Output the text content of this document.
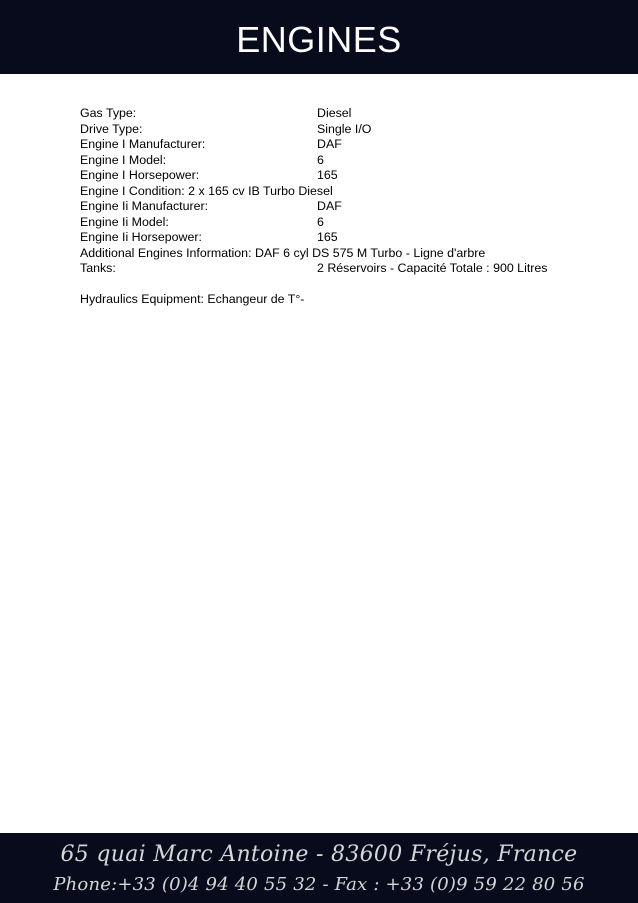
ENGINES
Gas Type:	Diesel
Drive Type:	Single I/O
Engine I Manufacturer:	DAF
Engine I Model:	6
Engine I Horsepower:	165
Engine I Condition: 2 x 165 cv IB Turbo Diesel
Engine Ii Manufacturer:	DAF
Engine Ii Model:	6
Engine Ii Horsepower:	165
Additional Engines Information: DAF 6 cyl DS 575 M Turbo - Ligne d'arbre
Tanks:	2 Réservoirs - Capacité Totale : 900 Litres
Hydraulics Equipment: Echangeur de T°-
65 quai Marc Antoine - 83600 Fréjus, France
Phone:+33 (0)4 94 40 55 32 - Fax : +33 (0)9 59 22 80 56
